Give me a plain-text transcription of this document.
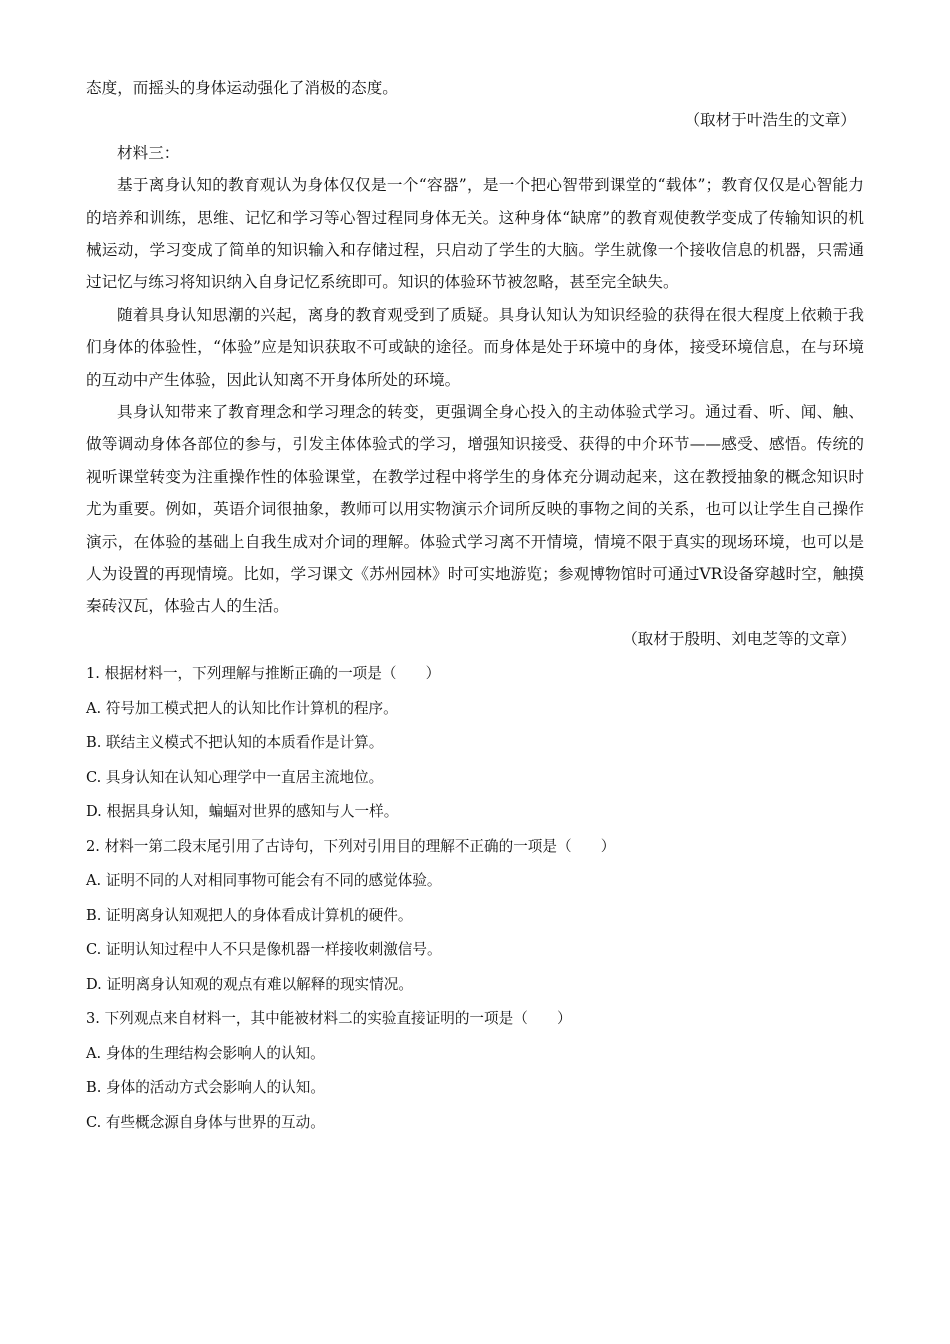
态度，而摇头的身体运动强化了消极的态度。
（取材于叶浩生的文章）
材料三：

基于离身认知的教育观认为身体仅仅是一个“容器”，是一个把心智带到课堂的“载体”；教育仅仅是心智能力的培养和训练，思维、记忆和学习等心智过程同身体无关。这种身体“缺席”的教育观使教学变成了传输知识的机械运动，学习变成了简单的知识输入和存储过程，只启动了学生的大脑。学生就像一个接收信息的机器，只需通过记忆与练习将知识纳入自身记忆系统即可。知识的体验环节被忽略，甚至完全缺失。

随着具身认知思潮的兴起，离身的教育观受到了质疑。具身认知认为知识经验的获得在很大程度上依赖于我们身体的体验性，“体验”应是知识获取不可或缺的途径。而身体是处于环境中的身体，接受环境信息，在与环境的互动中产生体验，因此认知离不开身体所处的环境。

具身认知带来了教育理念和学习理念的转变，更强调全身心投入的主动体验式学习。通过看、听、闻、触、做等调动身体各部位的参与，引发主体体验式的学习，增强知识接受、获得的中介环节——感受、感悟。传统的视听课堂转变为注重操作性的体验课堂，在教学过程中将学生的身体充分调动起来，这在教授抽象的概念知识时尤为重要。例如，英语介词很抽象，教师可以用实物演示介词所反映的事物之间的关系，也可以让学生自己操作演示，在体验的基础上自我生成对介词的理解。体验式学习离不开情境，情境不限于真实的现场环境，也可以是人为设置的再现情境。比如，学习课文《苏州园林》时可实地游览；参观博物馆时可通过VR设备穿越时空，触摸秦砖汉瓦，体验古人的生活。

（取材于殷明、刘电芝等的文章）
1. 根据材料一，下列理解与推断正确的一项是（　　）
A. 符号加工模式把人的认知比作计算机的程序。
B. 联结主义模式不把认知的本质看作是计算。
C. 具身认知在认知心理学中一直居主流地位。
D. 根据具身认知，蝙蝠对世界的感知与人一样。
2. 材料一第二段末尾引用了古诗句，下列对引用目的理解不正确的一项是（　　）
A. 证明不同的人对相同事物可能会有不同的感觉体验。
B. 证明离身认知观把人的身体看成计算机的硬件。
C. 证明认知过程中人不只是像机器一样接收刺激信号。
D. 证明离身认知观的观点有难以解释的现实情况。
3. 下列观点来自材料一，其中能被材料二的实验直接证明的一项是（　　）
A. 身体的生理结构会影响人的认知。
B. 身体的活动方式会影响人的认知。
C. 有些概念源自身体与世界的互动。
